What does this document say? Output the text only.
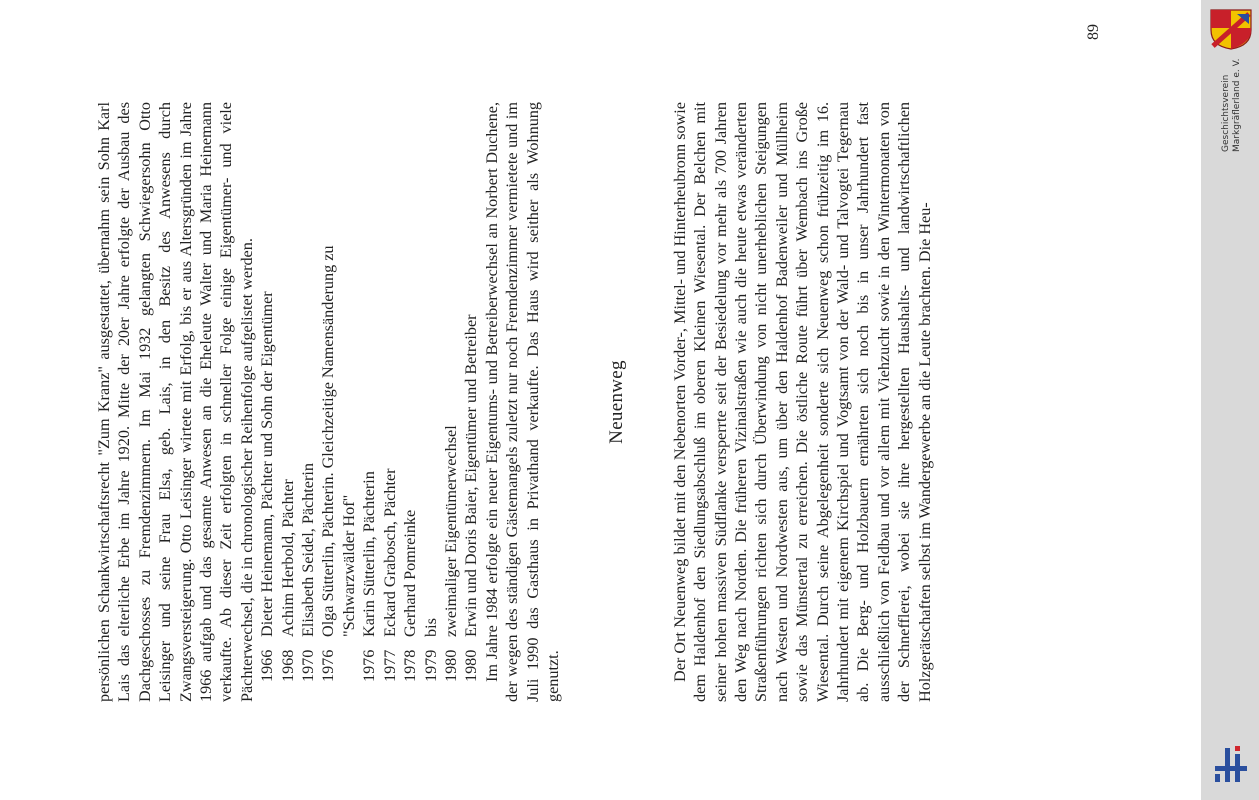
persönlichen Schankwirtschaftsrecht "Zum Kranz" ausgestattet, übernahm sein Sohn Karl Lais das elterliche Erbe im Jahre 1920. Mitte der 20er Jahre erfolgte der Ausbau des Dachgeschosses zu Fremdenzimmern. Im Mai 1932 gelangten Schwiegersohn Otto Leisinger und seine Frau Elsa, geb. Lais, in den Besitz des Anwesens durch Zwangsversteigerung. Otto Leisinger wirtete mit Erfolg, bis er aus Altersgründen im Jahre 1966 aufgab und das gesamte Anwesen an die Eheleute Walter und Maria Heinemann verkaufte. Ab dieser Zeit erfolgten in schneller Folge einige Eigentümer- und viele Pächterwechsel, die in chronologischer Reihenfolge aufgelistet werden. 1966
Dieter Heinemann, Pächter und Sohn der Eigentümer
1968
Achim Herbold, Pächter
1970
Elisabeth Seidel, Pächterin
1976
Olga Sütterlin, Pächterin. Gleichzeitige Namensänderung zu "Schwarzwälder Hof"
1976
Karin Sütterlin, Pächterin
1977
Eckard Grabosch, Pächter
1978
Gerhard Pomreinke
1979
bis
1980
zweimaliger Eigentümerwechsel
1980
Erwin und Doris Baier, Eigentümer und Betreiber Im Jahre 1984 erfolgte ein neuer Eigentums- und Betreiberwechsel an Norbert Duchene, der wegen des ständigen Gästemangels zuletzt nur noch Fremdenzimmer vermietete und im Juli 1990 das Gasthaus in Privathand verkaufte. Das Haus wird seither als Wohnung genutzt.

Neuenweg	Der Ort Neuenweg bildet mit den Nebenorten Vorder-, Mittel- und Hinterheubronn sowie dem Haldenhof den Siedlungsabschluß im oberen Kleinen Wiesental. Der Belchen mit seiner hohen massiven Südflanke versperrte seit der Besiedelung vor mehr als 700 Jahren den Weg nach Norden. Die früheren Vizinalstraßen wie auch die heute etwas veränderten Straßenführungen richten sich durch Überwindung von nicht unerheblichen Steigungen nach Westen und Nordwesten aus, um über den Haldenhof Badenweiler und Müllheim sowie das Münstertal zu erreichen. Die östliche Route führt über Wembach ins Große Wiesental. Durch seine Abgelegenheit sonderte sich Neuenweg schon frühzeitig im 16. Jahrhundert mit eigenem Kirchspiel und Vogtsamt von der Wald- und Talvogtei Tegernau ab. Die Berg- und Holzbauern ernährten sich noch bis in unser Jahrhundert fast ausschließlich von Feldbau und vor allem mit Viehzucht sowie in den Wintermonaten von der Schnefflerei, wobei sie ihre hergestellten Haushalts- und landwirtschaftlichen Holzgerätschaften selbst im Wandergewerbe an die Leute brachten. Die Heu-

89
Geschichtsverein Markgräflerland e. V.
